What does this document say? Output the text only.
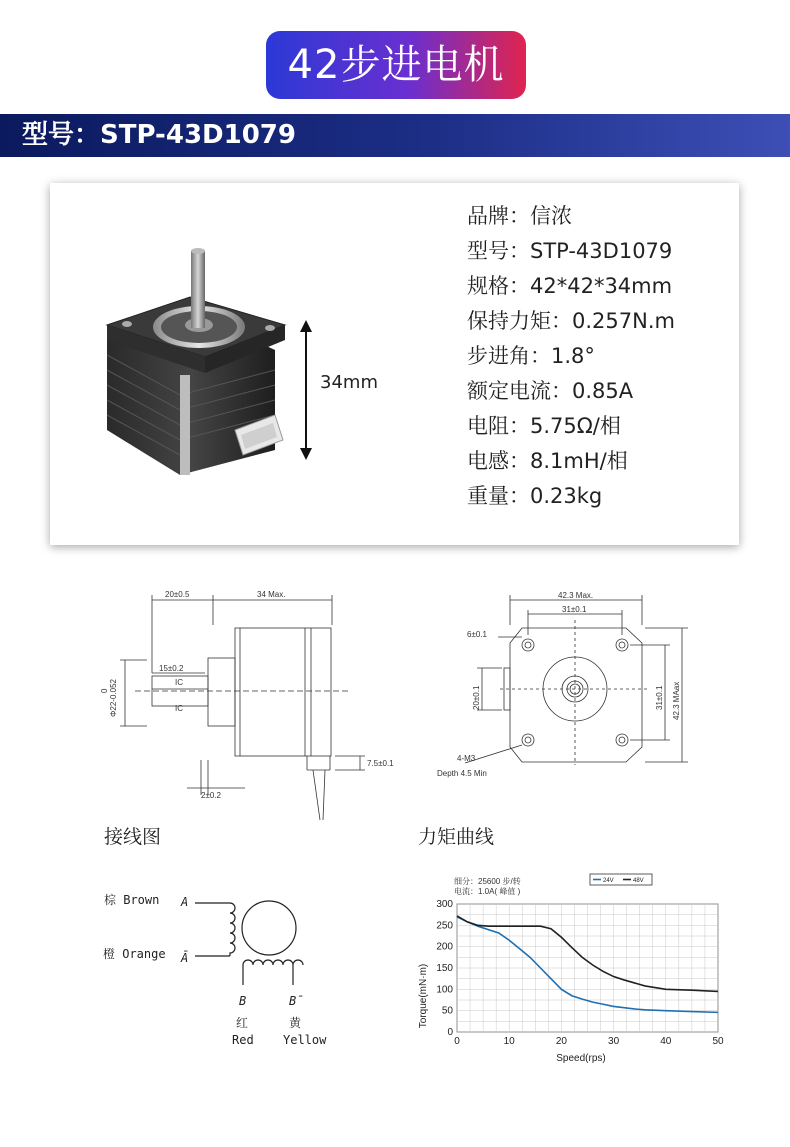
42步进电机
型号：STP-43D1079
34mm
品牌：信浓
型号：STP-43D1079
规格：42*42*34mm
保持力矩：0.257N.m
步进角：1.8°
额定电流：0.85A
电阻：5.75Ω/相
电感：8.1mH/相
重量：0.23kg
20±0.5	34 Max.
15±0.2
IC
IC
0 Φ22-0.052
2±0.2
7.5±0.1
42.3 Max.
31±0.1
6±0.1
20±0.1	31±0.1 42.3 MAax
4-M3
Depth 4.5 Min
接线图	力矩曲线
棕 Brown A
橙 Orange Ā
B	B̄
红	黄
Red Yellow
细分：25600 步/转
电流：1.0A( 峰值 )
24V	48V
0	10	20	30	40	50
0
50
100
150
200
250
300
Speed(rps)
Torque(mN·m)
